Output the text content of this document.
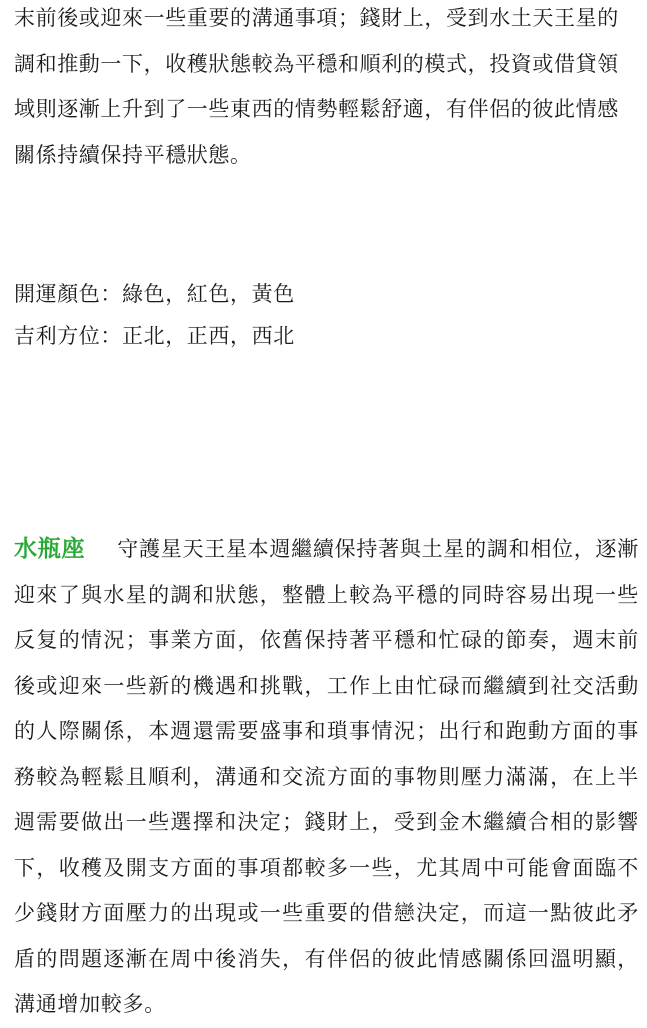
末前後或迎來一些重要的溝通事項；錢財上，受到水土天王星的調和推動一下，收穫狀態較為平穩和順利的模式，投資或借貸領域則逐漸上升到了一些東西的情勢輕鬆舒適，有伴侶的彼此情感關係持續保持平穩狀態。

開運顏色：綠色，紅色，黃色

吉利方位：正北，正西，西北

水瓶座 守護星天王星本週繼續保持著與土星的調和相位，逐漸迎來了與水星的調和狀態，整體上較為平穩的同時容易出現一些反复的情況；事業方面，依舊保持著平穩和忙碌的節奏，週末前後或迎來一些新的機遇和挑戰，工作上由忙碌而繼續到社交活動的人際關係，本週還需要盛事和瑣事情況；出行和跑動方面的事務較為輕鬆且順利，溝通和交流方面的事物則壓力滿滿，在上半週需要做出一些選擇和決定；錢財上，受到金木繼續合相的影響下，收穫及開支方面的事項都較多一些，尤其周中可能會面臨不少錢財方面壓力的出現或一些重要的借戀決定，而這一點彼此矛盾的問題逐漸在周中後消失，有伴侶的彼此情感關係回溫明顯，溝通增加較多。
